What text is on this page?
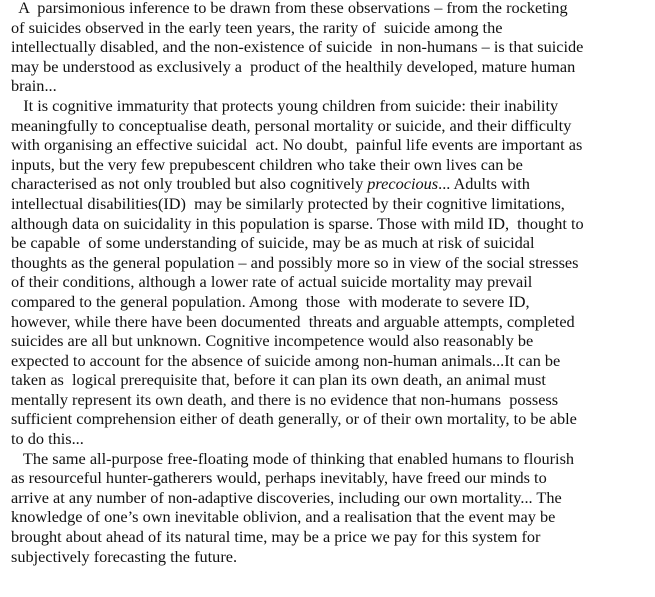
A  parsimonious inference to be drawn from these observations – from the rocketing
of suicides observed in the early teen years, the rarity of  suicide among the
intellectually disabled, and the non-existence of suicide  in non-humans – is that suicide
may be understood as exclusively a  product of the healthily developed, mature human
brain...
It is cognitive immaturity that protects young children from suicide: their inability
meaningfully to conceptualise death, personal mortality or suicide, and their difficulty
with organising an effective suicidal  act. No doubt,  painful life events are important as
inputs, but the very few prepubescent children who take their own lives can be
characterised as not only troubled but also cognitively precocious... Adults with
intellectual disabilities(ID)  may be similarly protected by their cognitive limitations,
although data on suicidality in this population is sparse. Those with mild ID,  thought to
be capable  of some understanding of suicide, may be as much at risk of suicidal
thoughts as the general population – and possibly more so in view of the social stresses
of their conditions, although a lower rate of actual suicide mortality may prevail
compared to the general population. Among  those  with moderate to severe ID,
however, while there have been documented  threats and arguable attempts, completed
suicides are all but unknown. Cognitive incompetence would also reasonably be
expected to account for the absence of suicide among non-human animals...It can be
taken as  logical prerequisite that, before it can plan its own death, an animal must
mentally represent its own death, and there is no evidence that non-humans  possess
sufficient comprehension either of death generally, or of their own mortality, to be able
to do this...
The same all-purpose free-floating mode of thinking that enabled humans to flourish
as resourceful hunter-gatherers would, perhaps inevitably, have freed our minds to
arrive at any number of non-adaptive discoveries, including our own mortality... The
knowledge of one’s own inevitable oblivion, and a realisation that the event may be
brought about ahead of its natural time, may be a price we pay for this system for
subjectively forecasting the future.
